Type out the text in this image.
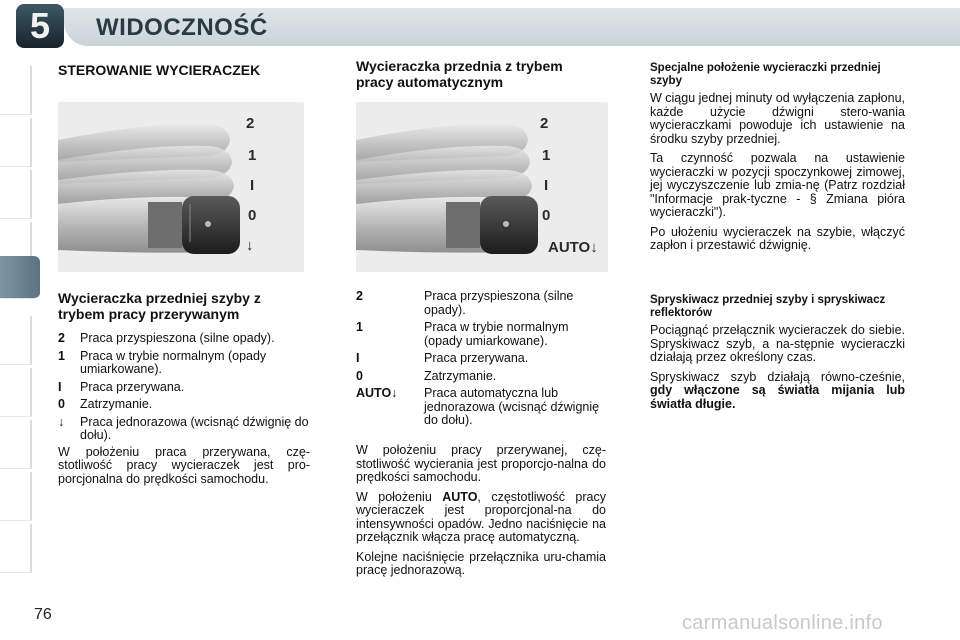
5	WIDOCZNOŚĆ
STEROWANIE WYCIERACZEK
2
1
I
0
↓
Wycieraczka przedniej szyby z trybem pracy przerywanym
2	Praca przyspieszona (silne opady).
1	Praca w trybie normalnym (opady umiarkowane).
I	Praca przerywana.
0	Zatrzymanie.
↓	Praca jednorazowa (wcisnąć dźwignię do dołu).

W położeniu praca przerywana, czę-stotliwość pracy wycieraczek jest pro-porcjonalna do prędkości samochodu.

Wycieraczka przednia z trybem pracy automatycznym
2
1
I
0
AUTO↓
2	Praca przyspieszona (silne opady).
1	Praca w trybie normalnym (opady umiarkowane).
I	Praca przerywana.
0	Zatrzymanie.
AUTO↓	Praca automatyczna lub jednorazowa (wcisnąć dźwignię do dołu).

W położeniu pracy przerywanej, czę-stotliwość wycierania jest proporcjo-nalna do prędkości samochodu.

W położeniu AUTO, częstotliwość pracy wycieraczek jest proporcjonal-na do intensywności opadów. Jedno naciśnięcie na przełącznik włącza pracę automatyczną.

Kolejne naciśnięcie przełącznika uru-chamia pracę jednorazową.

Specjalne położenie wycieraczki przedniej szyby

W ciągu jednej minuty od wyłączenia zapłonu, każde użycie dźwigni stero-wania wycieraczkami powoduje ich ustawienie na środku szyby przedniej.

Ta czynność pozwala na ustawienie wycieraczki w pozycji spoczynkowej zimowej, jej wyczyszczenie lub zmia-nę (Patrz rozdział "Informacje prak-tyczne - § Zmiana pióra wycieraczki").

Po ułożeniu wycieraczek na szybie, włączyć zapłon i przestawić dźwignię.

Spryskiwacz przedniej szyby i spryskiwacz reflektorów

Pociągnąć przełącznik wycieraczek do siebie. Spryskiwacz szyb, a na-stępnie wycieraczki działają przez określony czas.

Spryskiwacz szyb działają równo-cześnie, gdy włączone są światła mijania lub światła długie.

76	carmanualsonline.info
